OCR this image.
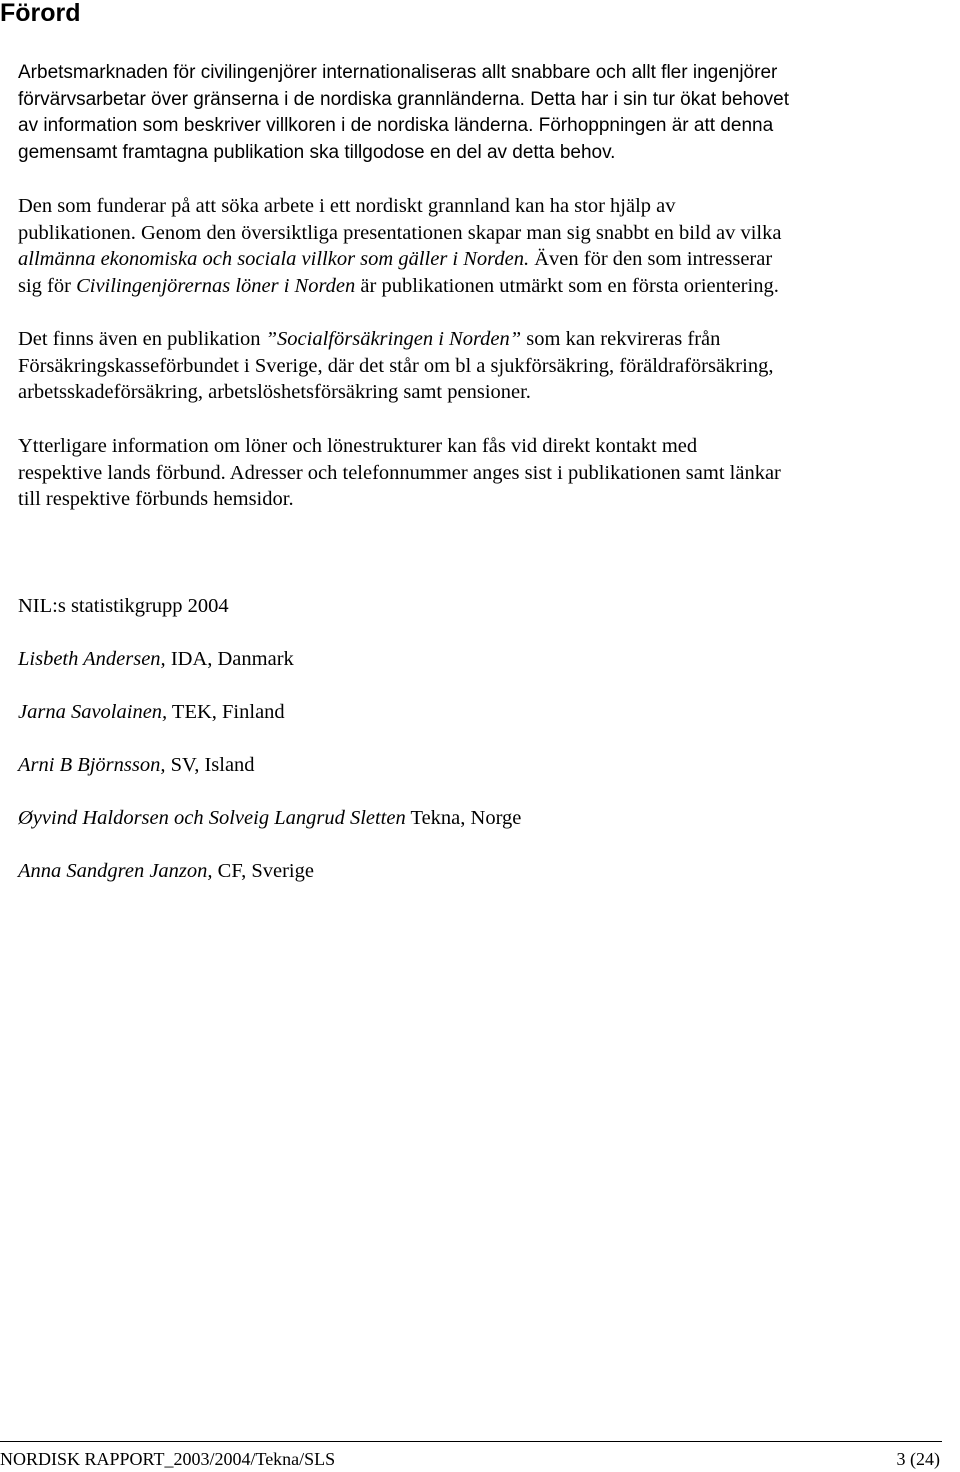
Förord
Arbetsmarknaden för civilingenjörer internationaliseras allt snabbare och allt fler ingenjörer
förvärvsarbetar över gränserna i de nordiska grannländerna. Detta har i sin tur ökat behovet
av information som beskriver villkoren i de nordiska länderna. Förhoppningen är att denna
gemensamt framtagna publikation ska tillgodose en del av detta behov.
Den som funderar på att söka arbete i ett nordiskt grannland kan ha stor hjälp av
publikationen. Genom den översiktliga presentationen skapar man sig snabbt en bild av vilka
allmänna ekonomiska och sociala villkor som gäller i Norden. Även för den som intresserar
sig för Civilingenjörernas löner i Norden är publikationen utmärkt som en första orientering.
Det finns även en publikation ”Socialförsäkringen i Norden” som kan rekvireras från
Försäkringskasseförbundet i Sverige, där det står om bl a sjukförsäkring, föräldraförsäkring,
arbetsskadeförsäkring, arbetslöshetsförsäkring samt pensioner.
Ytterligare information om löner och lönestrukturer kan fås vid direkt kontakt med
respektive lands förbund. Adresser och telefonnummer anges sist i publikationen samt länkar
till respektive förbunds hemsidor.
NIL:s statistikgrupp 2004
Lisbeth Andersen, IDA, Danmark
Jarna Savolainen, TEK, Finland
Arni B Björnsson, SV, Island
Øyvind Haldorsen och Solveig Langrud Sletten Tekna, Norge
Anna Sandgren Janzon, CF, Sverige
NORDISK RAPPORT_2003/2004/Tekna/SLS	3 (24)
